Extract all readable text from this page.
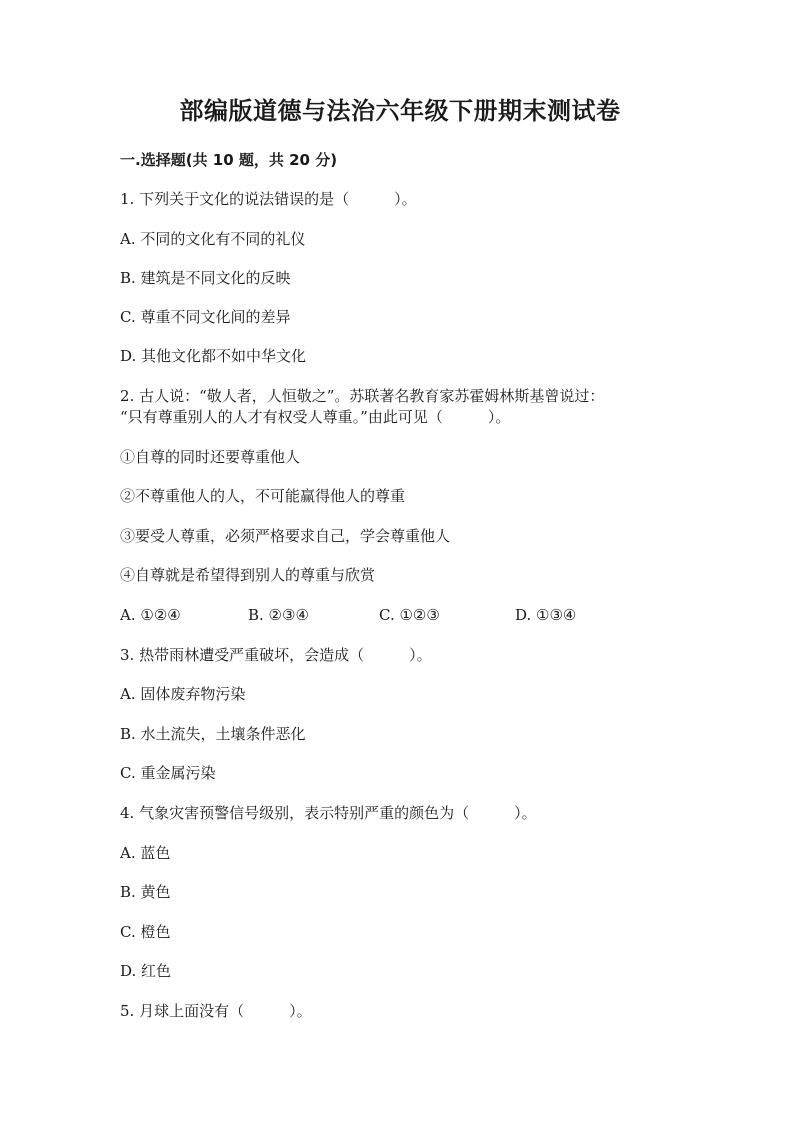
部编版道德与法治六年级下册期末测试卷
一.选择题(共 10 题，共 20 分)
1. 下列关于文化的说法错误的是（　　　）。
A. 不同的文化有不同的礼仪
B. 建筑是不同文化的反映
C. 尊重不同文化间的差异
D. 其他文化都不如中华文化
2. 古人说：“敬人者，人恒敬之”。苏联著名教育家苏霍姆林斯基曾说过：
“只有尊重别人的人才有权受人尊重。”由此可见（　　　）。
①自尊的同时还要尊重他人
②不尊重他人的人，不可能赢得他人的尊重
③要受人尊重，必须严格要求自己，学会尊重他人
④自尊就是希望得到别人的尊重与欣赏
A. ①②④	B. ②③④	C. ①②③	D. ①③④
3. 热带雨林遭受严重破坏，会造成（　　　）。
A. 固体废弃物污染
B. 水土流失，土壤条件恶化
C. 重金属污染
4. 气象灾害预警信号级别，表示特别严重的颜色为（　　　）。
A. 蓝色
B. 黄色
C. 橙色
D. 红色
5. 月球上面没有（　　　）。
